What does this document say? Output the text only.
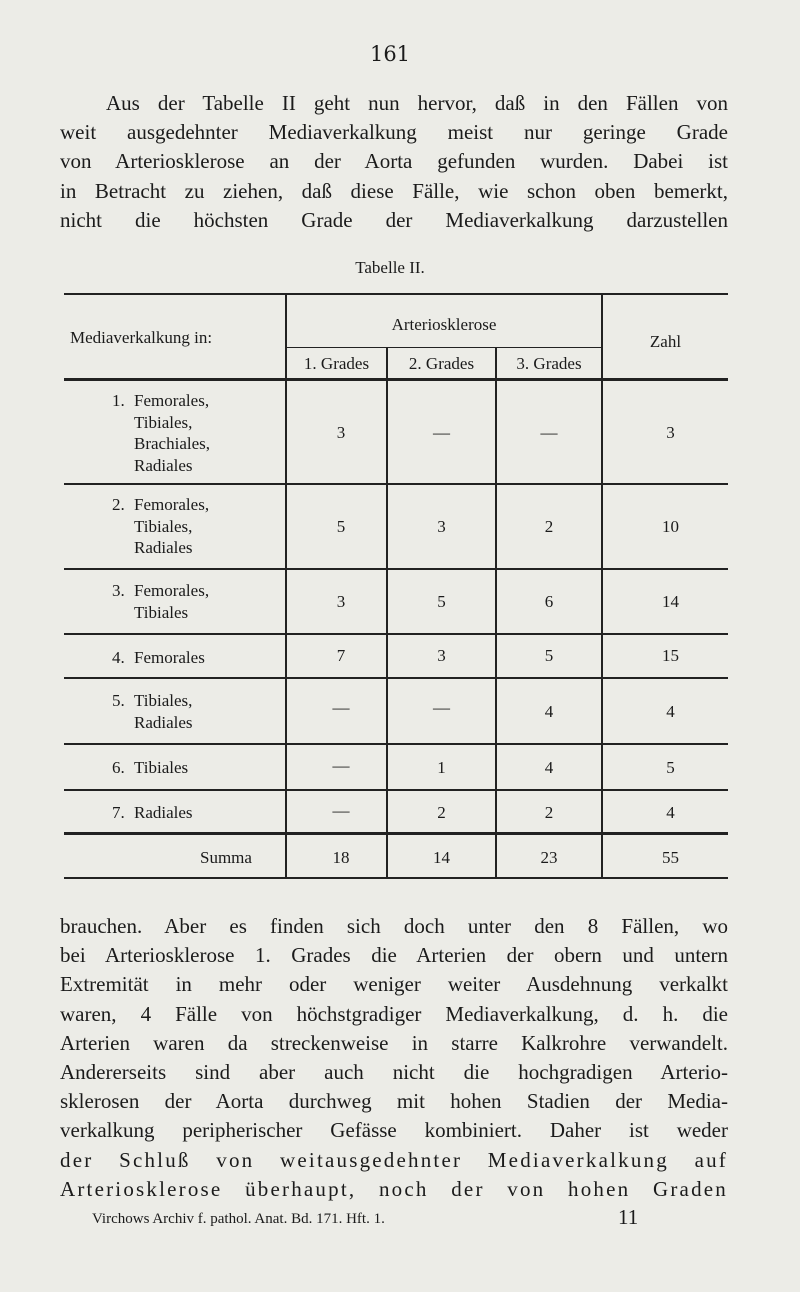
161
Aus der Tabelle II geht nun hervor, daß in den Fällen von
weit ausgedehnter Mediaverkalkung meist nur geringe Grade
von Arteriosklerose an der Aorta gefunden wurden. Dabei ist
in Betracht zu ziehen, daß diese Fälle, wie schon oben bemerkt,
nicht die höchsten Grade der Mediaverkalkung darzustellen
Tabelle II.
Mediaverkalkung in:
Arteriosklerose
1. Grades	2. Grades	3. Grades
Zahl
1. Femorales,
Tibiales,
Brachiales,
Radiales
3	—	—	3
2. Femorales,
Tibiales,
Radiales
5	3	2	10
3. Femorales,
Tibiales
3	5	6	14
4. Femorales	7	3	5	15
5. Tibiales,
Radiales
—	—	4	4
6. Tibiales	—	1	4	5
7. Radiales	—	2	2	4
Summa	18	14	23	55
brauchen. Aber es finden sich doch unter den 8 Fällen, wo
bei Arteriosklerose 1. Grades die Arterien der obern und untern
Extremität in mehr oder weniger weiter Ausdehnung verkalkt
waren, 4 Fälle von höchstgradiger Mediaverkalkung, d. h. die
Arterien waren da streckenweise in starre Kalkrohre verwandelt.
Andererseits sind aber auch nicht die hochgradigen Arterio-
sklerosen der Aorta durchweg mit hohen Stadien der Media-
verkalkung peripherischer Gefässe kombiniert. Daher ist weder
der Schluß von weitausgedehnter Mediaverkalkung auf
Arteriosklerose überhaupt, noch der von hohen Graden
Virchows Archiv f. pathol. Anat. Bd. 171. Hft. 1.	11
